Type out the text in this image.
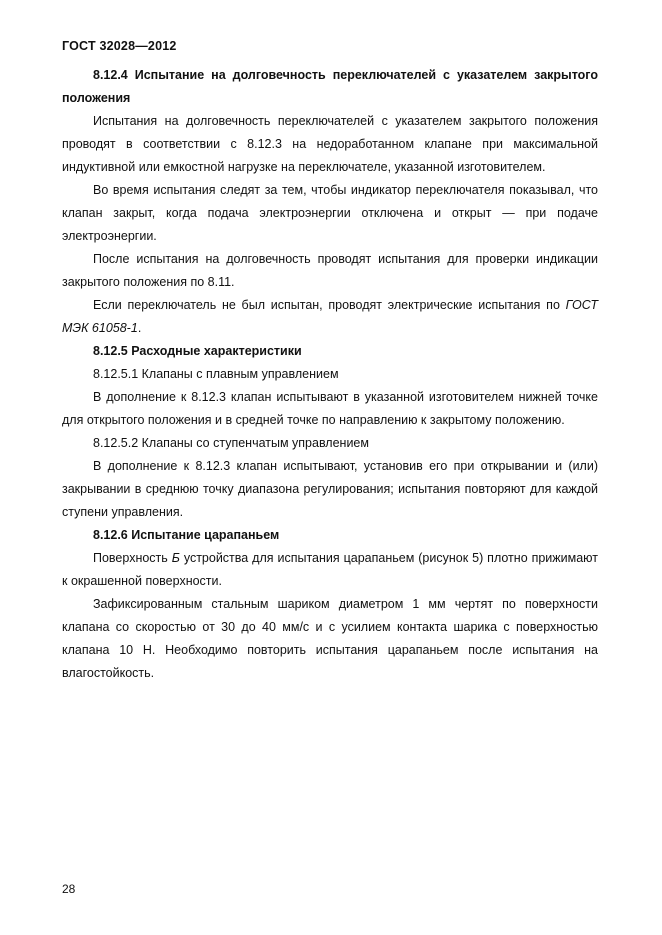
ГОСТ 32028—2012

8.12.4 Испытание на долговечность переключателей с указателем закрытого положения

Испытания на долговечность переключателей с указателем закрытого положения проводят в соответствии с 8.12.3 на недоработанном клапане при максимальной индуктивной или емкостной нагрузке на переключателе, указанной изготовителем.

Во время испытания следят за тем, чтобы индикатор переключателя показывал, что клапан закрыт, когда подача электроэнергии отключена и открыт — при подаче электроэнергии.

После испытания на долговечность проводят испытания для проверки индикации закрытого положения по 8.11.

Если переключатель не был испытан, проводят электрические испытания по ГОСТ МЭК 61058-1.

8.12.5 Расходные характеристики

8.12.5.1 Клапаны с плавным управлением

В дополнение к 8.12.3 клапан испытывают в указанной изготовителем нижней точке для открытого положения и в средней точке по направлению к закрытому положению.

8.12.5.2 Клапаны со ступенчатым управлением

В дополнение к 8.12.3 клапан испытывают, установив его при открывании и (или) закрывании в среднюю точку диапазона регулирования; испытания повторяют для каждой ступени управления.

8.12.6 Испытание царапаньем

Поверхность Б устройства для испытания царапаньем (рисунок 5) плотно прижимают к окрашенной поверхности.

Зафиксированным стальным шариком диаметром 1 мм чертят по поверхности клапана со скоростью от 30 до 40 мм/с и с усилием контакта шарика с поверхностью клапана 10 Н. Необходимо повторить испытания царапаньем после испытания на влагостойкость.

28
